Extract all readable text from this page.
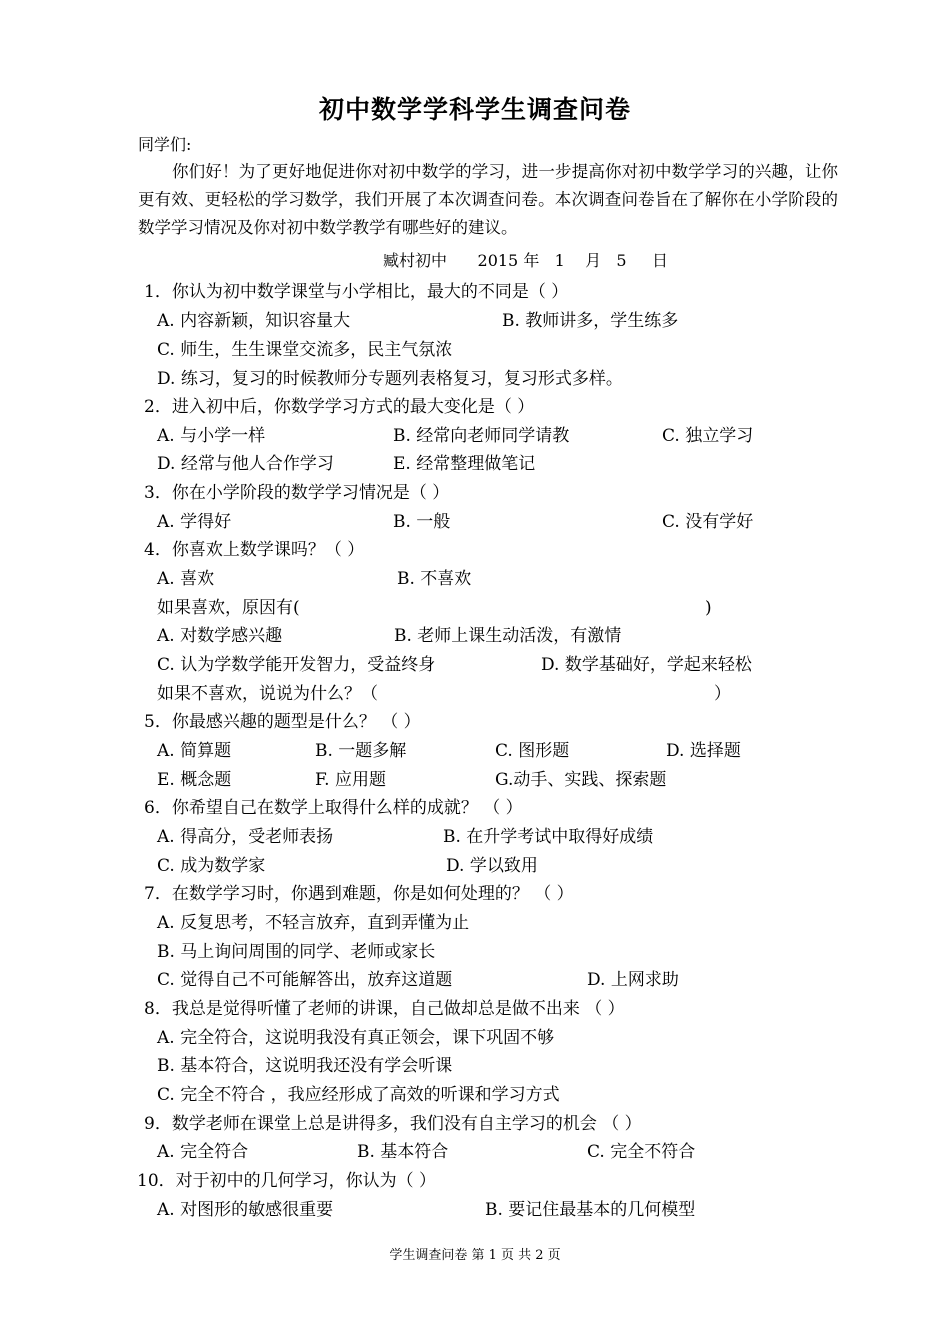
初中数学学科学生调查问卷
同学们:
你们好！为了更好地促进你对初中数学的学习，进一步提高你对初中数学学习的兴趣，让你更有效、更轻松的学习数学，我们开展了本次调查问卷。本次调查问卷旨在了解你在小学阶段的数学学习情况及你对初中数学教学有哪些好的建议。
臧村初中      2015 年   1    月   5     日
1．你认为初中数学课堂与小学相比，最大的不同是（ ）
A. 内容新颖，知识容量大	B. 教师讲多，学生练多
C. 师生，生生课堂交流多，民主气氛浓
D. 练习，复习的时候教师分专题列表格复习，复习形式多样。
2．进入初中后，你数学学习方式的最大变化是（ ）
A. 与小学一样	B. 经常向老师同学请教	C. 独立学习
D. 经常与他人合作学习	E. 经常整理做笔记
3．你在小学阶段的数学学习情况是（ ）
A. 学得好	B. 一般	C. 没有学好
4．你喜欢上数学课吗？（ ）
A. 喜欢	B. 不喜欢
如果喜欢，原因有(	)
A. 对数学感兴趣	B. 老师上课生动活泼，有激情
C. 认为学数学能开发智力，受益终身	D. 数学基础好，学起来轻松
如果不喜欢，说说为什么？（	）
5．你最感兴趣的题型是什么？ （ ）
A. 简算题	B. 一题多解	C. 图形题	D. 选择题
E. 概念题	F. 应用题	G.动手、实践、探索题
6．你希望自己在数学上取得什么样的成就？ （ ）
A. 得高分，受老师表扬	B. 在升学考试中取得好成绩
C. 成为数学家	D. 学以致用
7．在数学学习时，你遇到难题，你是如何处理的？ （ ）
A. 反复思考，不轻言放弃，直到弄懂为止
B. 马上询问周围的同学、老师或家长
C. 觉得自己不可能解答出，放弃这道题	D. 上网求助
8．我总是觉得听懂了老师的讲课，自己做却总是做不出来 （ ）
A. 完全符合，这说明我没有真正领会，课下巩固不够
B. 基本符合，这说明我还没有学会听课
C. 完全不符合 ，我应经形成了高效的听课和学习方式
9．数学老师在课堂上总是讲得多，我们没有自主学习的机会 （ ）
A. 完全符合	B. 基本符合	C. 完全不符合
10．对于初中的几何学习，你认为（ ）
A. 对图形的敏感很重要	B. 要记住最基本的几何模型
学生调查问卷 第 1 页 共 2 页
